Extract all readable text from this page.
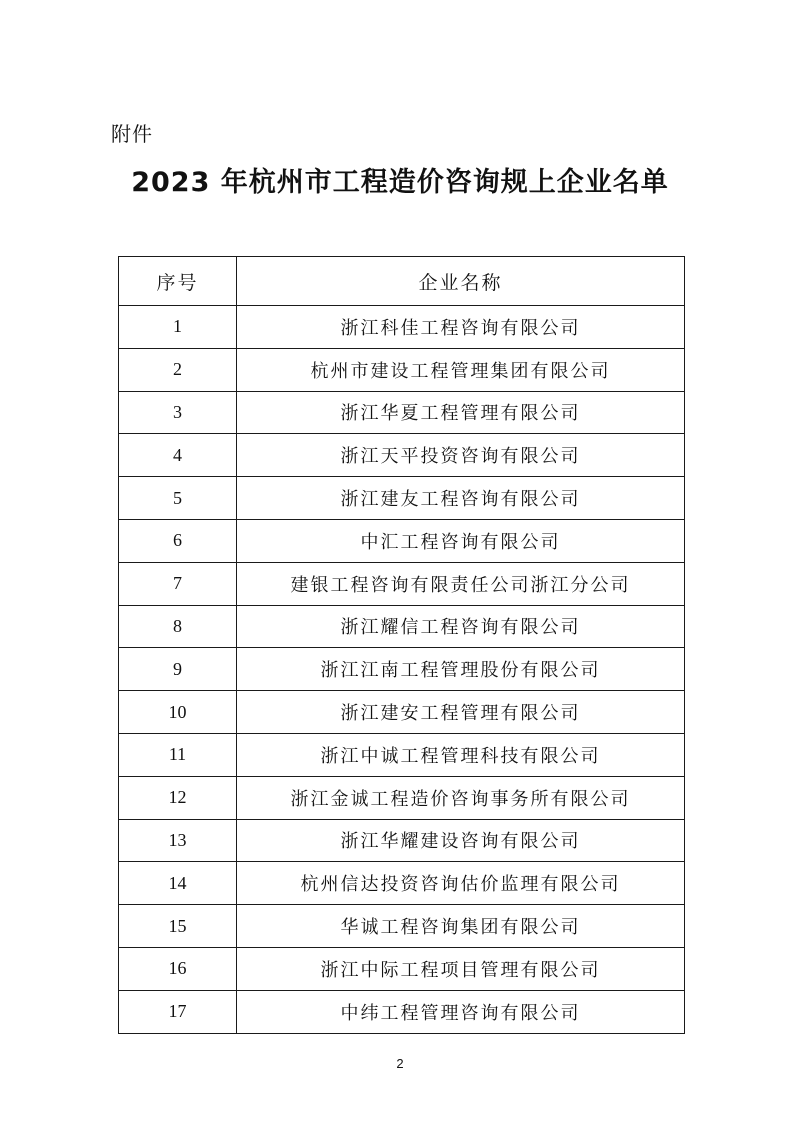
附件
2023 年杭州市工程造价咨询规上企业名单
序号	企业名称
1	浙江科佳工程咨询有限公司
2	杭州市建设工程管理集团有限公司
3	浙江华夏工程管理有限公司
4	浙江天平投资咨询有限公司
5	浙江建友工程咨询有限公司
6	中汇工程咨询有限公司
7	建银工程咨询有限责任公司浙江分公司
8	浙江耀信工程咨询有限公司
9	浙江江南工程管理股份有限公司
10	浙江建安工程管理有限公司
11	浙江中诚工程管理科技有限公司
12	浙江金诚工程造价咨询事务所有限公司
13	浙江华耀建设咨询有限公司
14	杭州信达投资咨询估价监理有限公司
15	华诚工程咨询集团有限公司
16	浙江中际工程项目管理有限公司
17	中纬工程管理咨询有限公司
2
